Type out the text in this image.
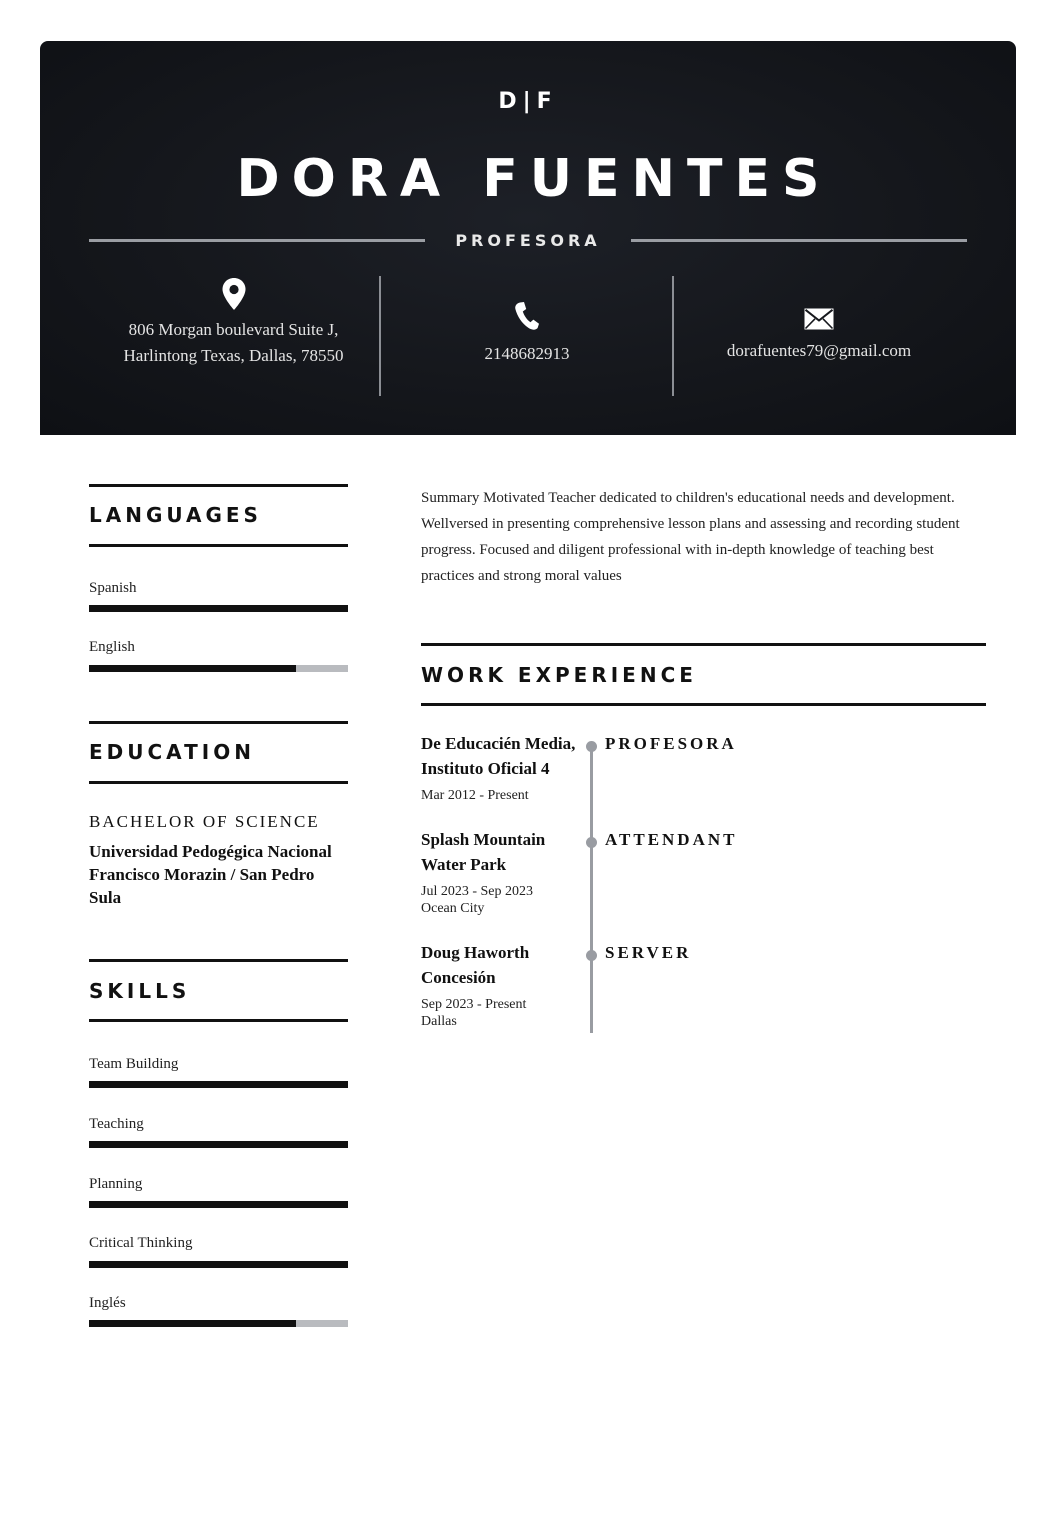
D|F
DORA FUENTES
PROFESORA
806 Morgan boulevard Suite J, Harlintong Texas, Dallas, 78550	2148682913	dorafuentes79@gmail.com
LANGUAGES
Spanish
English
EDUCATION
BACHELOR OF SCIENCE
Universidad Pedogégica Nacional Francisco Morazin / San Pedro Sula
SKILLS
Team Building
Teaching
Planning
Critical Thinking
Inglés
Summary Motivated Teacher dedicated to children's educational needs and development. Wellversed in presenting comprehensive lesson plans and assessing and recording student progress. Focused and diligent professional with in-depth knowledge of teaching best practices and strong moral values
WORK EXPERIENCE
De Educacién Media, Instituto Oficial 4
Mar 2012 - Present
PROFESORA
Splash Mountain Water Park
Jul 2023 - Sep 2023
Ocean City
ATTENDANT
Doug Haworth Concesión
Sep 2023 - Present
Dallas
SERVER
